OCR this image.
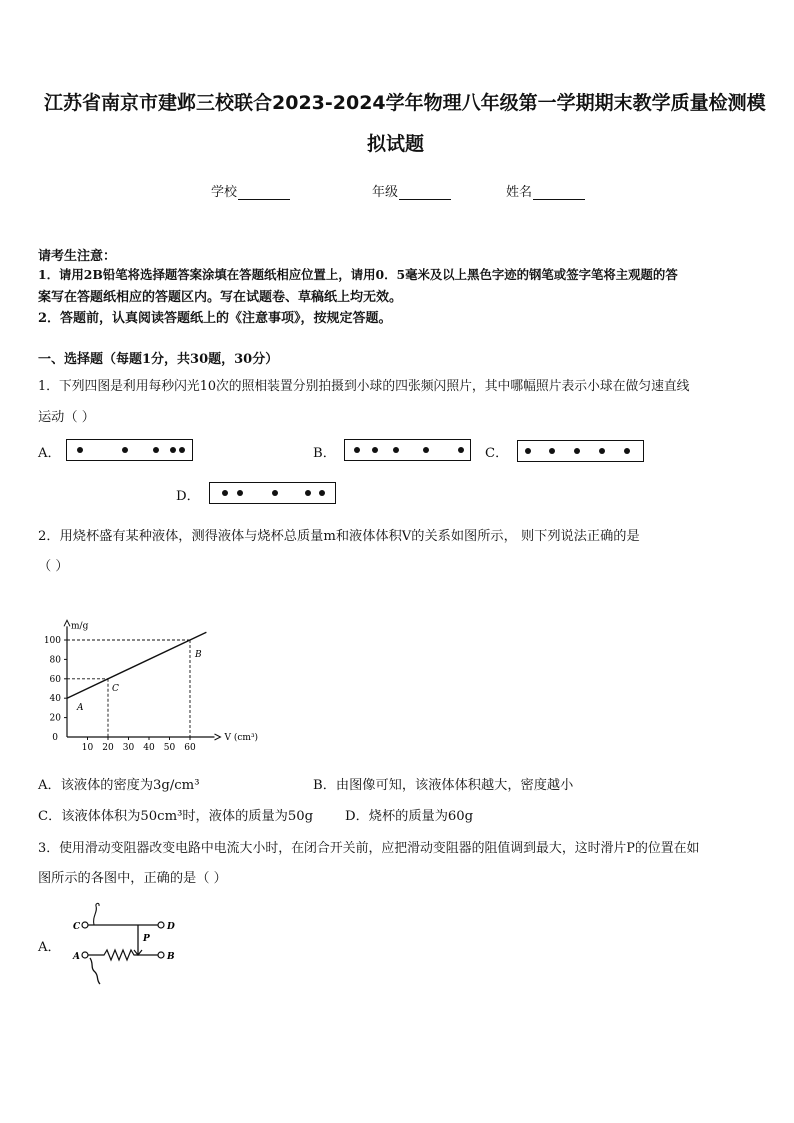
江苏省南京市建邺三校联合2023-2024学年物理八年级第一学期期末教学质量检测模
拟试题
学校	年级	姓名
请考生注意：
1．请用2B铅笔将选择题答案涂填在答题纸相应位置上，请用0．5毫米及以上黑色字迹的钢笔或签字笔将主观题的答
案写在答题纸相应的答题区内。写在试题卷、草稿纸上均无效。
2．答题前，认真阅读答题纸上的《注意事项》，按规定答题。
一、选择题（每题1分，共30题，30分）
1．下列四图是利用每秒闪光10次的照相装置分别拍摄到小球的四张频闪照片，其中哪幅照片表示小球在做匀速直线
运动（ ）
A．	B．	C．
D．
2．用烧杯盛有某种液体，测得液体与烧杯总质量m和液体体积V的关系如图所示， 则下列说法正确的是
（ ）
m/g
V (cm³)
20
40
60
80
100
0
10 20 30 40 50 60
A
C
B
A．该液体的密度为3g/cm³	B．由图像可知，该液体体积越大，密度越小
C．该液体体积为50cm³时，液体的质量为50g D．烧杯的质量为60g
3．使用滑动变阻器改变电路中电流大小时，在闭合开关前，应把滑动变阻器的阻值调到最大，这时滑片P的位置在如
图所示的各图中，正确的是（ ）
A．
C	D
P
A	B
